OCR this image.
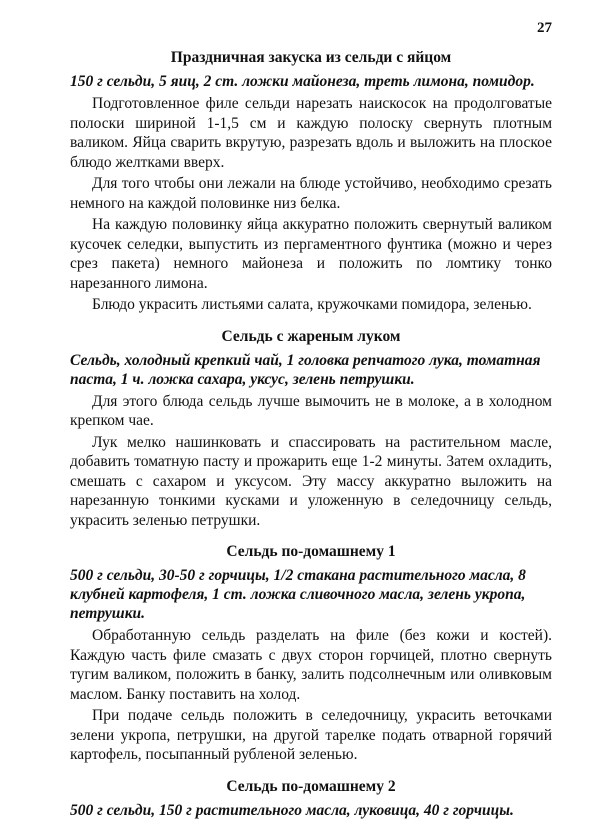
27
Праздничная закуска из сельди с яйцом
150 г сельди, 5 яиц, 2 ст. ложки майонеза, треть лимона, помидор.

Подготовленное филе сельди нарезать наискосок на продолговатые полоски шириной 1-1,5 см и каждую полоску свернуть плотным валиком. Яйца сварить вкрутую, разрезать вдоль и выложить на плоское блюдо желтками вверх.

Для того чтобы они лежали на блюде устойчиво, необходимо срезать немного на каждой половинке низ белка.

На каждую половинку яйца аккуратно положить свернутый валиком кусочек селедки, выпустить из пергаментного фунтика (можно и через срез пакета) немного майонеза и положить по ломтику тонко нарезанного лимона.

Блюдо украсить листьями салата, кружочками помидора, зеленью.

Сельдь с жареным луком
Сельдь, холодный крепкий чай, 1 головка репчатого лука, томатная паста, 1 ч. ложка сахара, уксус, зелень петрушки.

Для этого блюда сельдь лучше вымочить не в молоке, а в холодном крепком чае.

Лук мелко нашинковать и спассировать на растительном масле, добавить томатную пасту и прожарить еще 1-2 минуты. Затем охладить, смешать с сахаром и уксусом. Эту массу аккуратно выложить на нарезанную тонкими кусками и уложенную в селедочницу сельдь, украсить зеленью петрушки.

Сельдь по-домашнему 1
500 г сельди, 30-50 г горчицы, 1/2 стакана растительного масла, 8 клубней картофеля, 1 ст. ложка сливочного масла, зелень укропа, петрушки.

Обработанную сельдь разделать на филе (без кожи и костей). Каждую часть филе смазать с двух сторон горчицей, плотно свернуть тугим валиком, положить в банку, залить подсолнечным или оливковым маслом. Банку поставить на холод.

При подаче сельдь положить в селедочницу, украсить веточками зелени укропа, петрушки, на другой тарелке подать отварной горячий картофель, посыпанный рубленой зеленью.

Сельдь по-домашнему 2
500 г сельди, 150 г растительного масла, луковица, 40 г горчицы.
